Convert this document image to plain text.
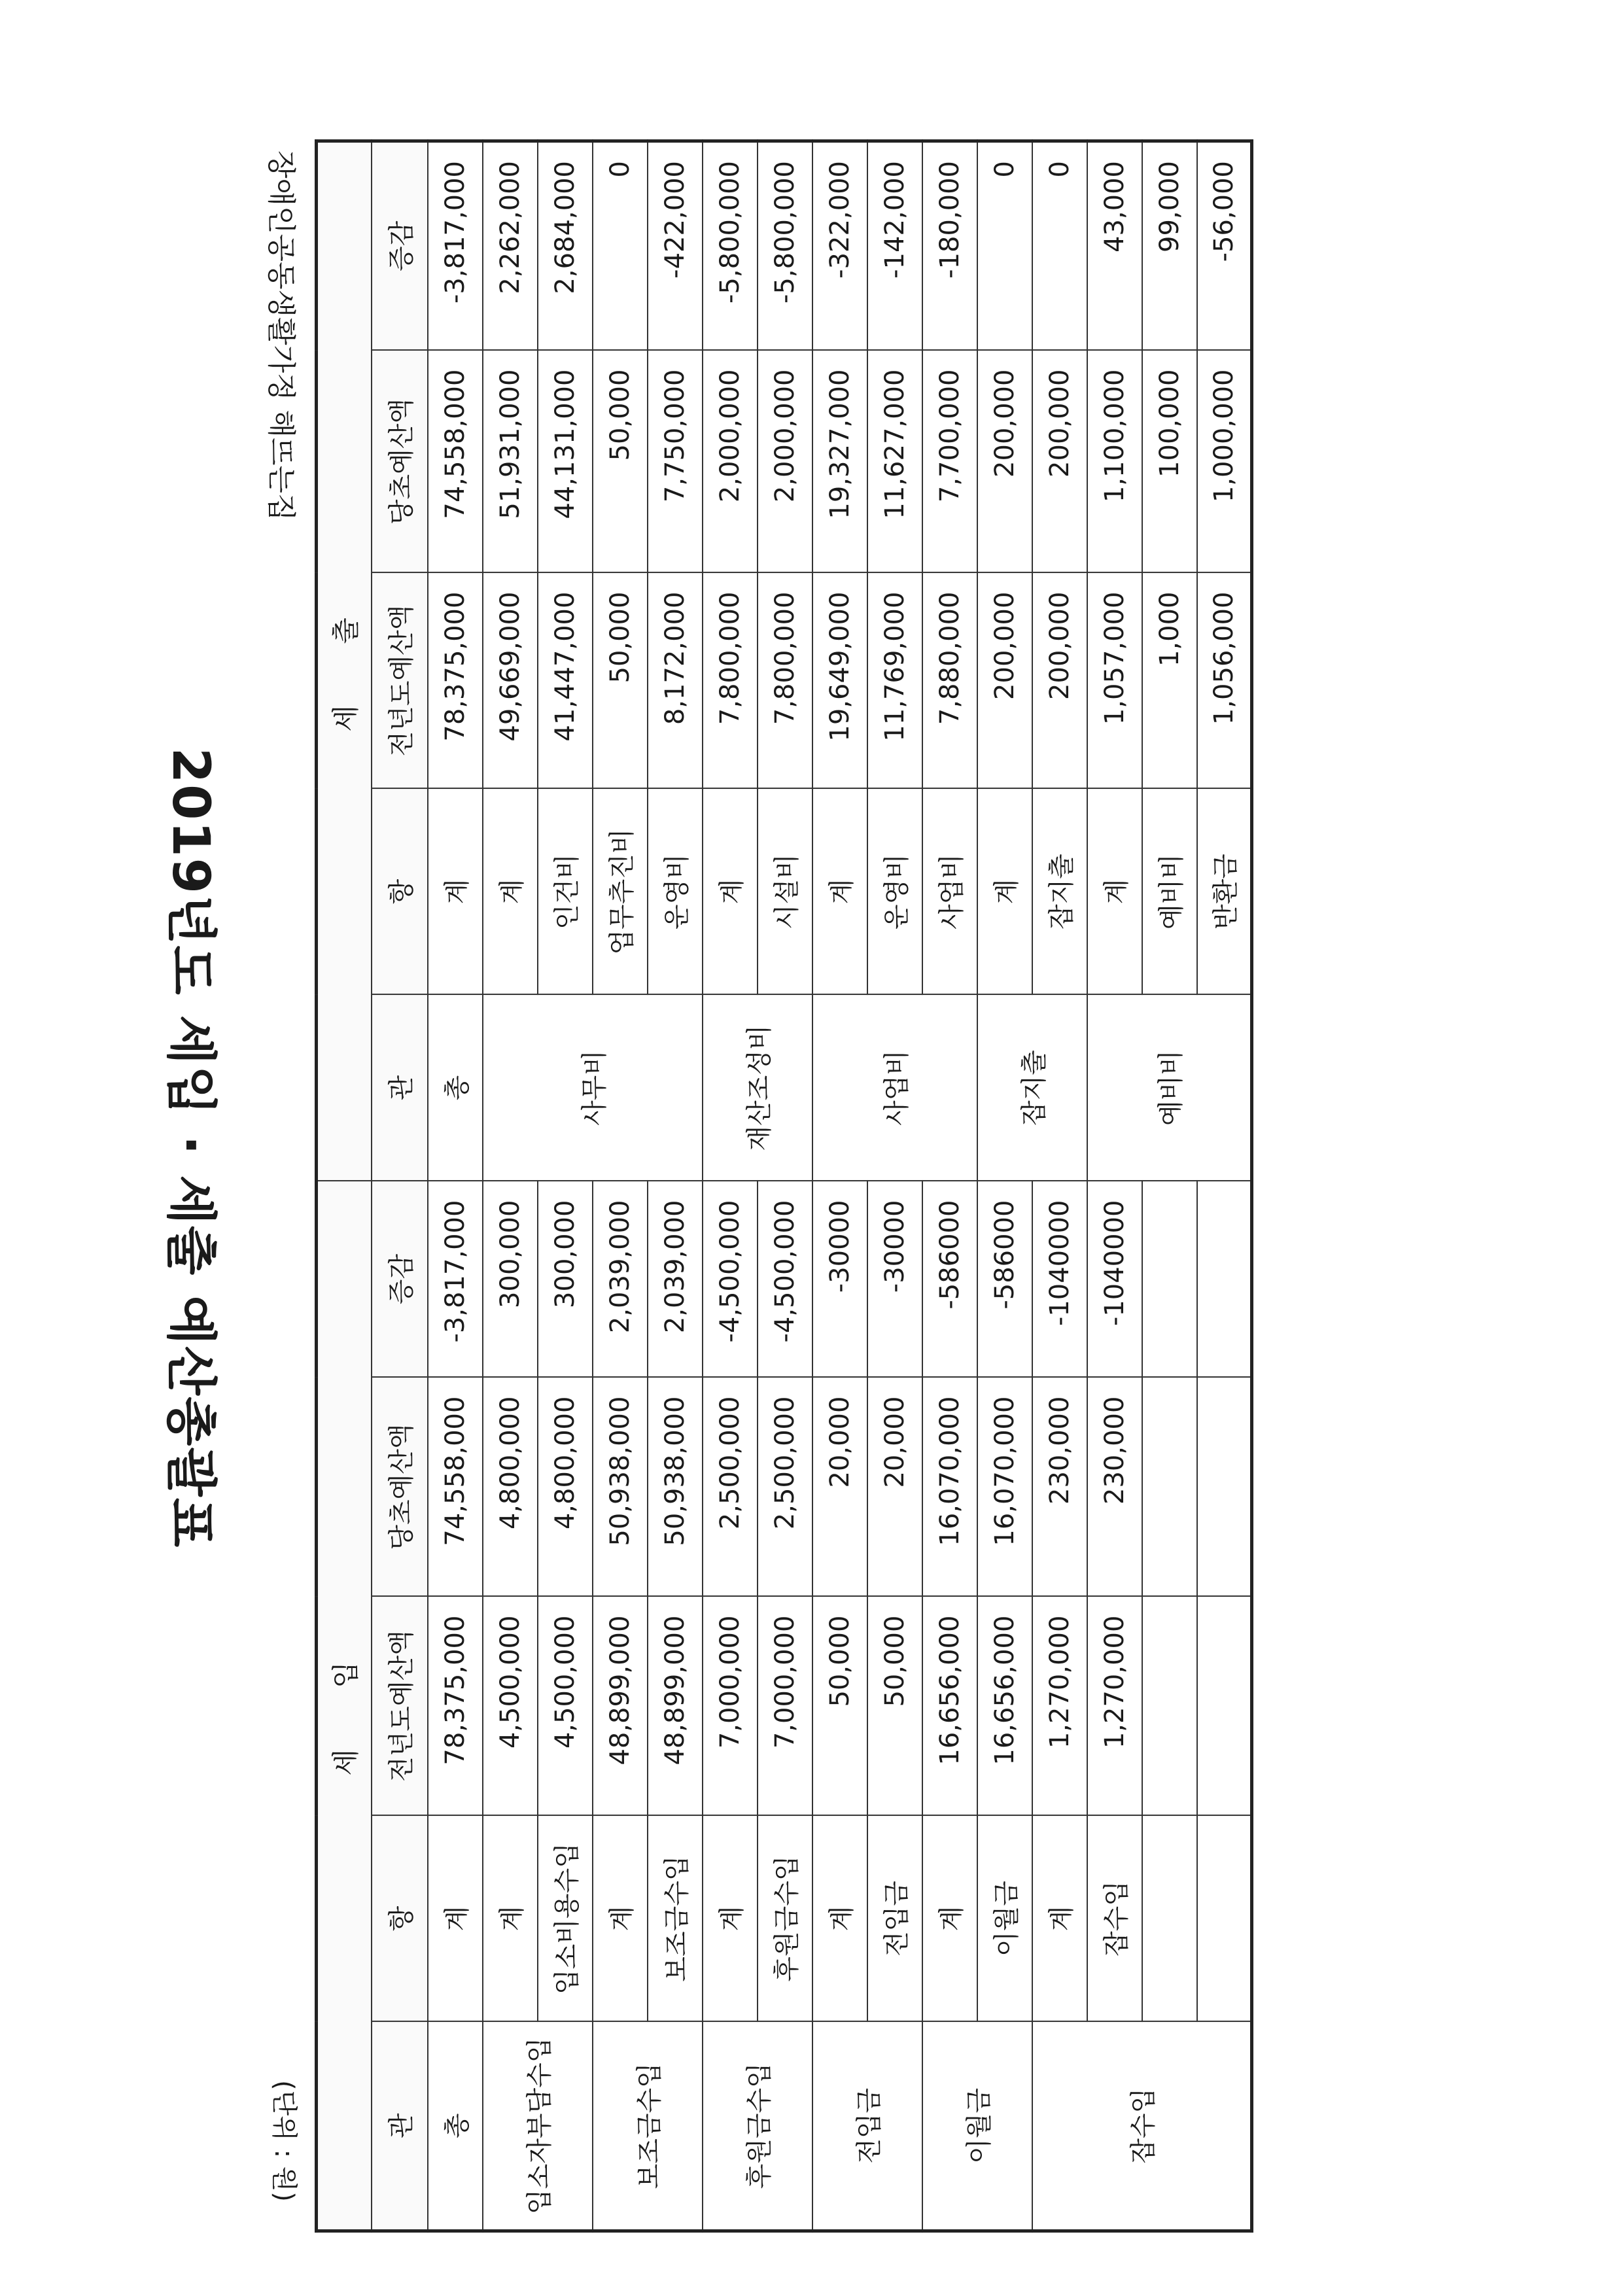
2019년도 세입 · 세출 예산총괄표
장애인공동생활가정 해뜨는집
(단위 : 원)
세 입					세 출				
관	항	전년도예산액	당초예산액	증감	관	항	전년도예산액	당초예산액	증감
총	계	78,375,000	74,558,000	-3,817,000	총	계	78,375,000	74,558,000	-3,817,000
입소자부담수입	계	4,500,000	4,800,000	300,000	사무비	계	49,669,000	51,931,000	2,262,000
	입소비용수입	4,500,000	4,800,000	300,000		인건비	41,447,000	44,131,000	2,684,000
보조금수입	계	48,899,000	50,938,000	2,039,000		업무추진비	50,000	50,000	0
	보조금수입	48,899,000	50,938,000	2,039,000		운영비	8,172,000	7,750,000	-422,000
후원금수입	계	7,000,000	2,500,000	-4,500,000	재산조성비	계	7,800,000	2,000,000	-5,800,000
	후원금수입	7,000,000	2,500,000	-4,500,000		시설비	7,800,000	2,000,000	-5,800,000
전입금	계	50,000	20,000	-30000	사업비	계	19,649,000	19,327,000	-322,000
	전입금	50,000	20,000	-30000		운영비	11,769,000	11,627,000	-142,000
이월금	계	16,656,000	16,070,000	-586000		사업비	7,880,000	7,700,000	-180,000
	이월금	16,656,000	16,070,000	-586000	잡지출	계	200,000	200,000	0
잡수입	계	1,270,000	230,000	-1040000		잡지출	200,000	200,000	0
	잡수입	1,270,000	230,000	-1040000	예비비	계	1,057,000	1,100,000	43,000
						예비비	1,000	100,000	99,000
						반환금	1,056,000	1,000,000	-56,000
